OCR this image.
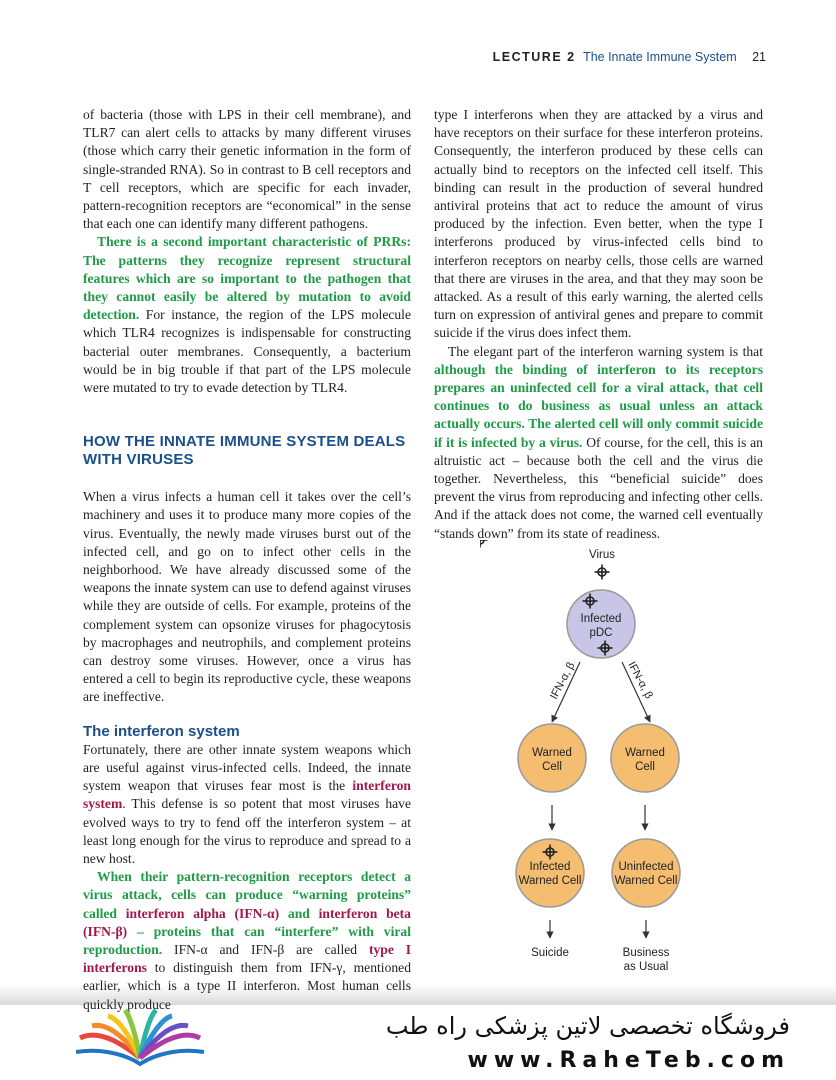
LECTURE 2 The Innate Immune System 21

of bacteria (those with LPS in their cell membrane), and TLR7 can alert cells to attacks by many different viruses (those which carry their genetic information in the form of single-stranded RNA). So in contrast to B cell receptors and T cell receptors, which are specific for each invader, pattern-recognition receptors are “economical” in the sense that each one can identify many different pathogens.

There is a second important characteristic of PRRs: The patterns they recognize represent structural features which are so important to the pathogen that they cannot easily be altered by mutation to avoid detection. For instance, the region of the LPS molecule which TLR4 recognizes is indispensable for constructing bacterial outer membranes. Consequently, a bacterium would be in big trouble if that part of the LPS molecule were mutated to try to evade detection by TLR4.

HOW THE INNATE IMMUNE SYSTEM DEALS WITH VIRUSES

When a virus infects a human cell it takes over the cell’s machinery and uses it to produce many more copies of the virus. Eventually, the newly made viruses burst out of the infected cell, and go on to infect other cells in the neighborhood. We have already discussed some of the weapons the innate system can use to defend against viruses while they are outside of cells. For example, proteins of the complement system can opsonize viruses for phagocytosis by macrophages and neutrophils, and complement proteins can destroy some viruses. However, once a virus has entered a cell to begin its reproductive cycle, these weapons are ineffective.

The interferon system

Fortunately, there are other innate system weapons which are useful against virus-infected cells. Indeed, the innate system weapon that viruses fear most is the interferon system. This defense is so potent that most viruses have evolved ways to try to fend off the interferon system – at least long enough for the virus to reproduce and spread to a new host.

When their pattern-recognition receptors detect a virus attack, cells can produce “warning proteins” called interferon alpha (IFN-α) and interferon beta (IFN-β) – proteins that can “interfere” with viral reproduction. IFN-α and IFN-β are called type I interferons to distinguish them from IFN-γ, mentioned earlier, which is a type II interferon. Most human cells quickly produce

type I interferons when they are attacked by a virus and have receptors on their surface for these interferon proteins. Consequently, the interferon produced by these cells can actually bind to receptors on the infected cell itself. This binding can result in the production of several hundred antiviral proteins that act to reduce the amount of virus produced by the infection. Even better, when the type I interferons produced by virus-infected cells bind to interferon receptors on nearby cells, those cells are warned that there are viruses in the area, and that they may soon be attacked. As a result of this early warning, the alerted cells turn on expression of antiviral genes and prepare to commit suicide if the virus does infect them.

The elegant part of the interferon warning system is that although the binding of interferon to its receptors prepares an uninfected cell for a viral attack, that cell continues to do business as usual unless an attack actually occurs. The alerted cell will only commit suicide if it is infected by a virus. Of course, for the cell, this is an altruistic act – because both the cell and the virus die together. Nevertheless, this “beneficial suicide” does prevent the virus from reproducing and infecting other cells. And if the attack does not come, the warned cell eventually “stands down” from its state of readiness.

Virus
Infected
pDC
IFN-α, β	IFN-α, β
Warned
Cell
Warned
Cell
Infected
Warned Cell
Uninfected
Warned Cell
Suicide	Business
as Usual
فروشگاه تخصصی لاتین پزشکی راه طب
www.RaheTeb.com
